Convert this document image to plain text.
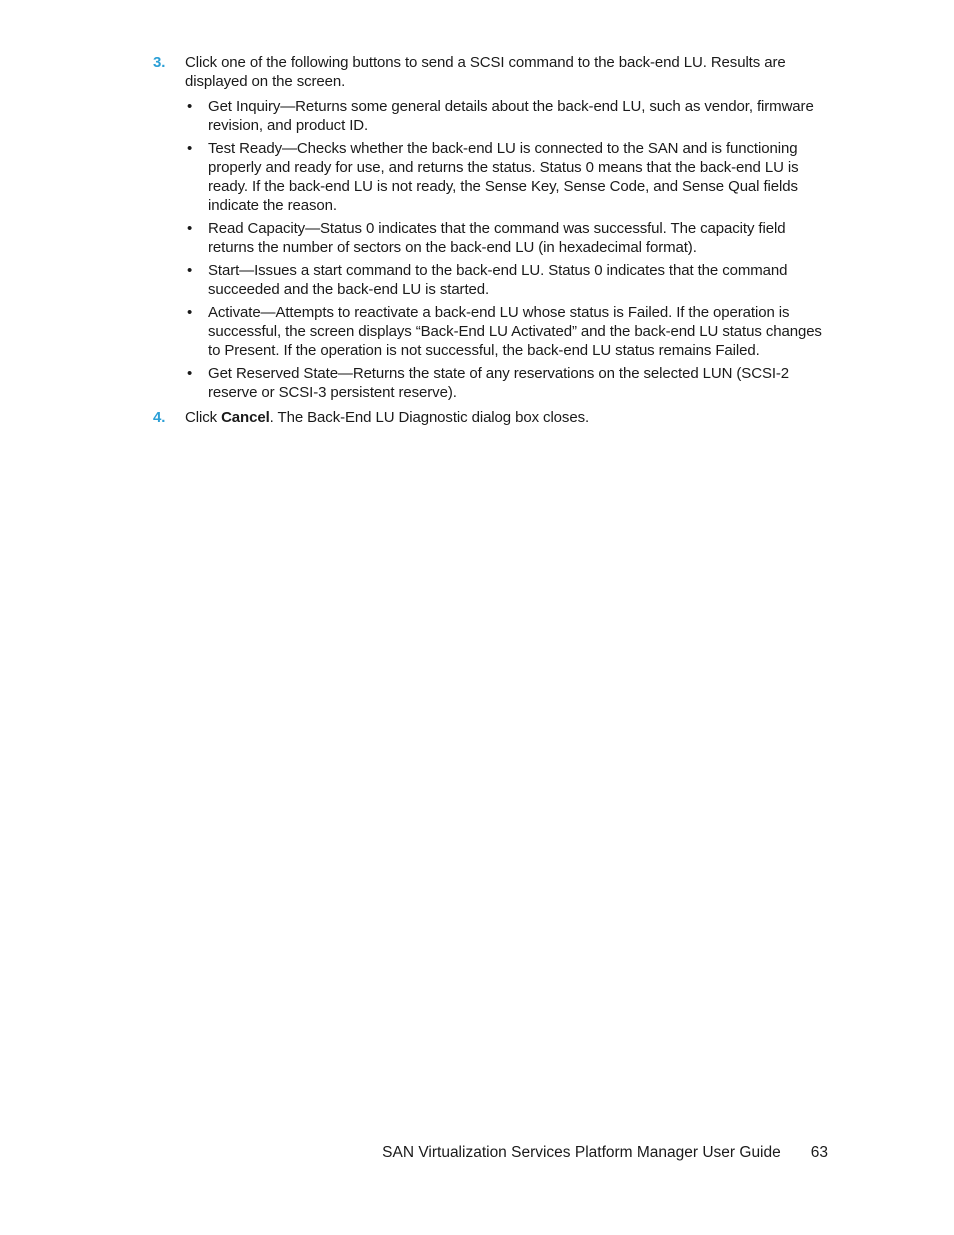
3.	Click one of the following buttons to send a SCSI command to the back-end LU. Results are displayed on the screen.
•	Get Inquiry—Returns some general details about the back-end LU, such as vendor, firmware revision, and product ID.
•	Test Ready—Checks whether the back-end LU is connected to the SAN and is functioning properly and ready for use, and returns the status. Status 0 means that the back-end LU is ready. If the back-end LU is not ready, the Sense Key, Sense Code, and Sense Qual fields indicate the reason.
•	Read Capacity—Status 0 indicates that the command was successful. The capacity field returns the number of sectors on the back-end LU (in hexadecimal format).
•	Start—Issues a start command to the back-end LU. Status 0 indicates that the command succeeded and the back-end LU is started.
•	Activate—Attempts to reactivate a back-end LU whose status is Failed. If the operation is successful, the screen displays “Back-End LU Activated” and the back-end LU status changes to Present. If the operation is not successful, the back-end LU status remains Failed.
•	Get Reserved State—Returns the state of any reservations on the selected LUN (SCSI-2 reserve or SCSI-3 persistent reserve).
4.	Click Cancel. The Back-End LU Diagnostic dialog box closes.
SAN Virtualization Services Platform Manager User Guide 63
